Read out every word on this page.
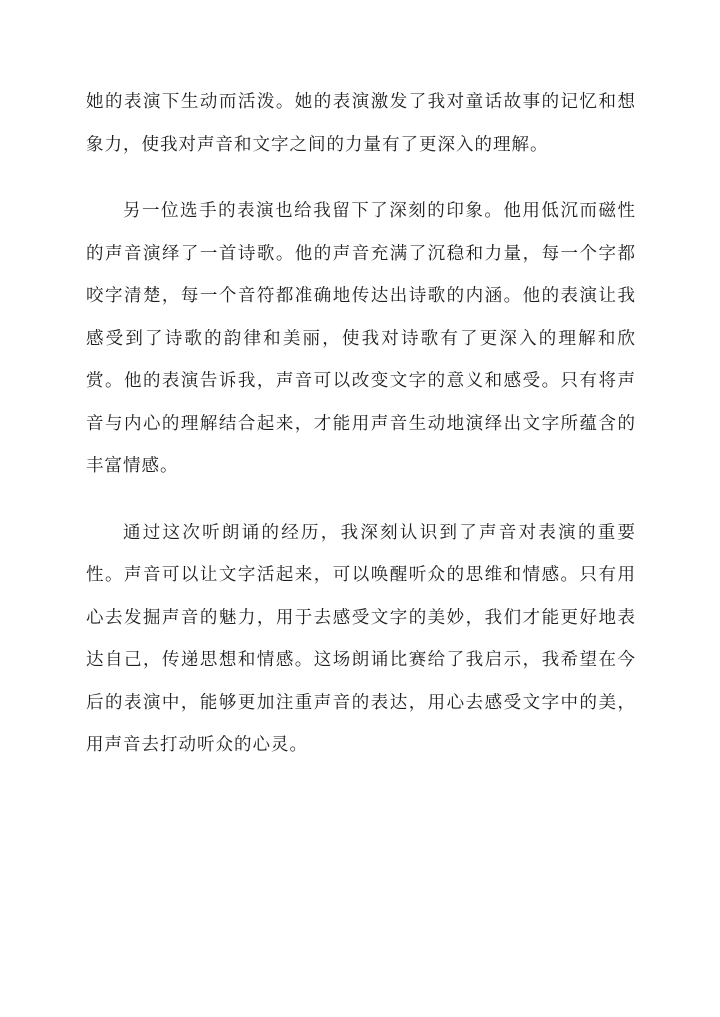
她的表演下生动而活泼。她的表演激发了我对童话故事的记忆和想象力，使我对声音和文字之间的力量有了更深入的理解。

另一位选手的表演也给我留下了深刻的印象。他用低沉而磁性的声音演绎了一首诗歌。他的声音充满了沉稳和力量，每一个字都咬字清楚，每一个音符都准确地传达出诗歌的内涵。他的表演让我感受到了诗歌的韵律和美丽，使我对诗歌有了更深入的理解和欣赏。他的表演告诉我，声音可以改变文字的意义和感受。只有将声音与内心的理解结合起来，才能用声音生动地演绎出文字所蕴含的丰富情感。

通过这次听朗诵的经历，我深刻认识到了声音对表演的重要性。声音可以让文字活起来，可以唤醒听众的思维和情感。只有用心去发掘声音的魅力，用于去感受文字的美妙，我们才能更好地表达自己，传递思想和情感。这场朗诵比赛给了我启示，我希望在今后的表演中，能够更加注重声音的表达，用心去感受文字中的美，用声音去打动听众的心灵。
